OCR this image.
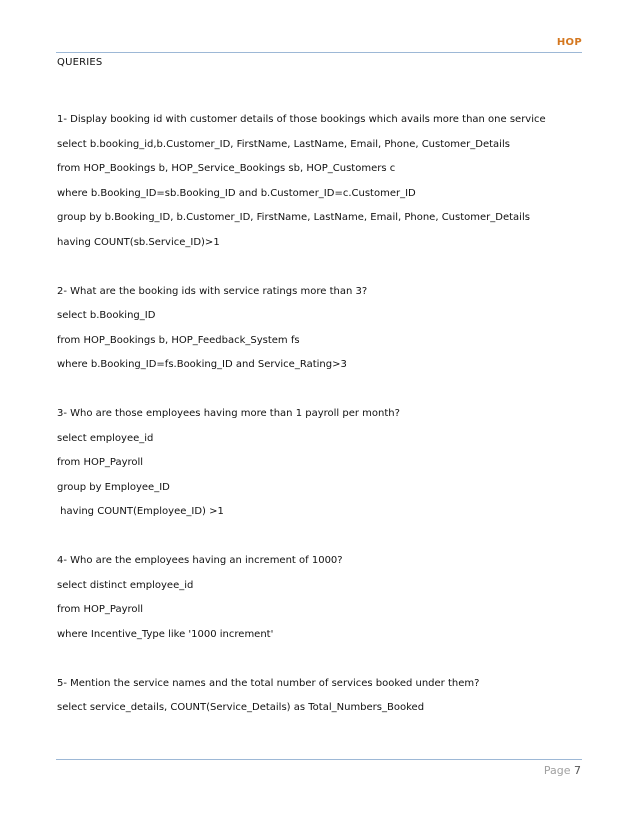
HOP
QUERIES

1- Display booking id with customer details of those bookings which avails more than one service

select b.booking_id,b.Customer_ID, FirstName, LastName, Email, Phone, Customer_Details

from HOP_Bookings b, HOP_Service_Bookings sb, HOP_Customers c

where b.Booking_ID=sb.Booking_ID and b.Customer_ID=c.Customer_ID

group by b.Booking_ID, b.Customer_ID, FirstName, LastName, Email, Phone, Customer_Details

having COUNT(sb.Service_ID)>1

2- What are the booking ids with service ratings more than 3?

select b.Booking_ID

from HOP_Bookings b, HOP_Feedback_System fs

where b.Booking_ID=fs.Booking_ID and Service_Rating>3

3- Who are those employees having more than 1 payroll per month?

select employee_id

from HOP_Payroll

group by Employee_ID

having COUNT(Employee_ID) >1

4- Who are the employees having an increment of 1000?

select distinct employee_id

from HOP_Payroll

where Incentive_Type like '1000 increment'

5- Mention the service names and the total number of services booked under them?

select service_details, COUNT(Service_Details) as Total_Numbers_Booked

Page 7
